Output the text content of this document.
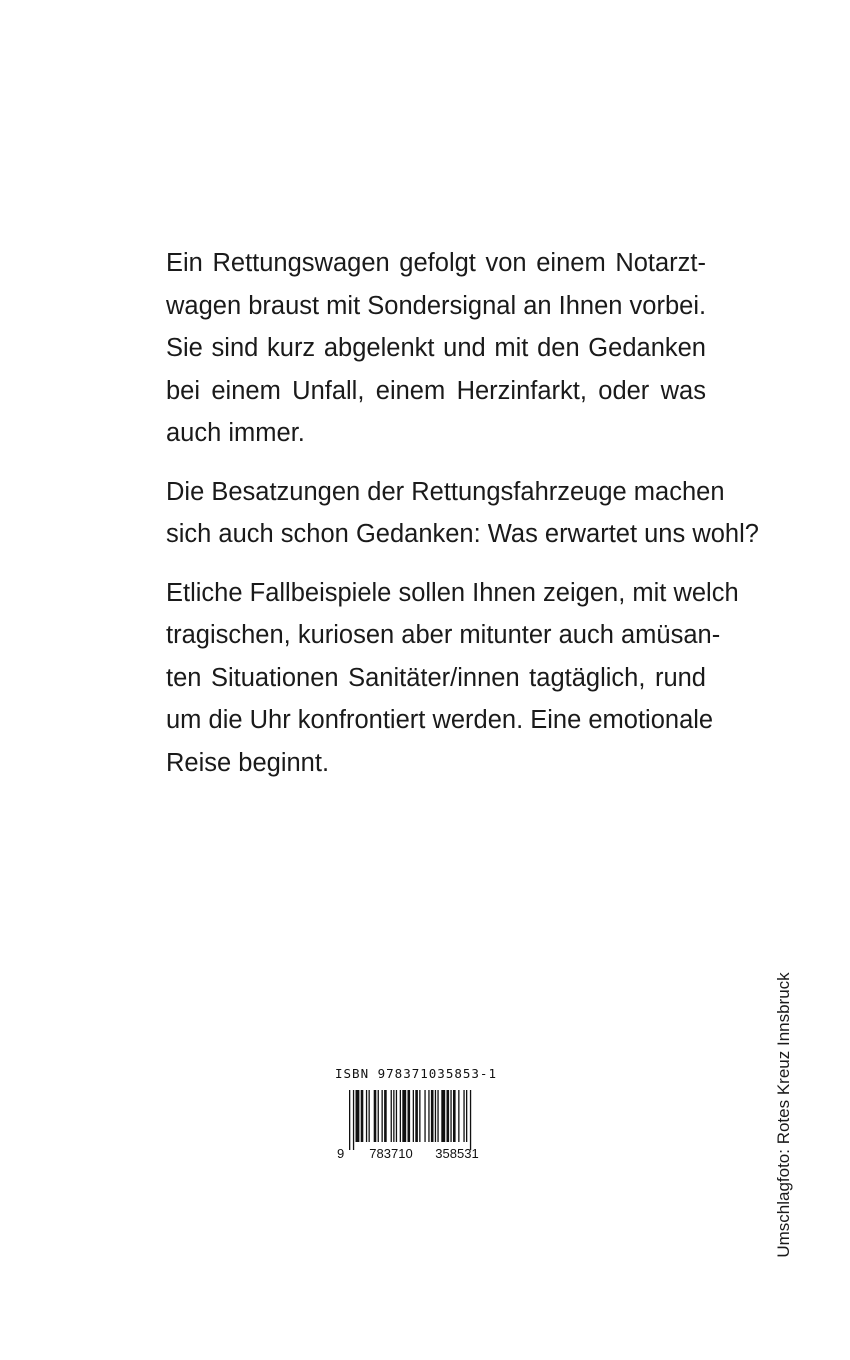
Ein Rettungswagen gefolgt von einem Notarzt-
wagen braust mit Sondersignal an Ihnen vorbei.
Sie sind kurz abgelenkt und mit den Gedanken
bei einem Unfall, einem Herzinfarkt, oder was
auch immer.

Die Besatzungen der Rettungsfahrzeuge machen
sich auch schon Gedanken: Was erwartet uns wohl?

Etliche Fallbeispiele sollen Ihnen zeigen, mit welch
tragischen, kuriosen aber mitunter auch amüsan-
ten Situationen Sanitäter/innen tagtäglich, rund
um die Uhr konfrontiert werden. Eine emotionale
Reise beginnt.

ISBN 978371035853-1
9 783710 358531	Umschlagfoto: Rotes Kreuz Innsbruck
